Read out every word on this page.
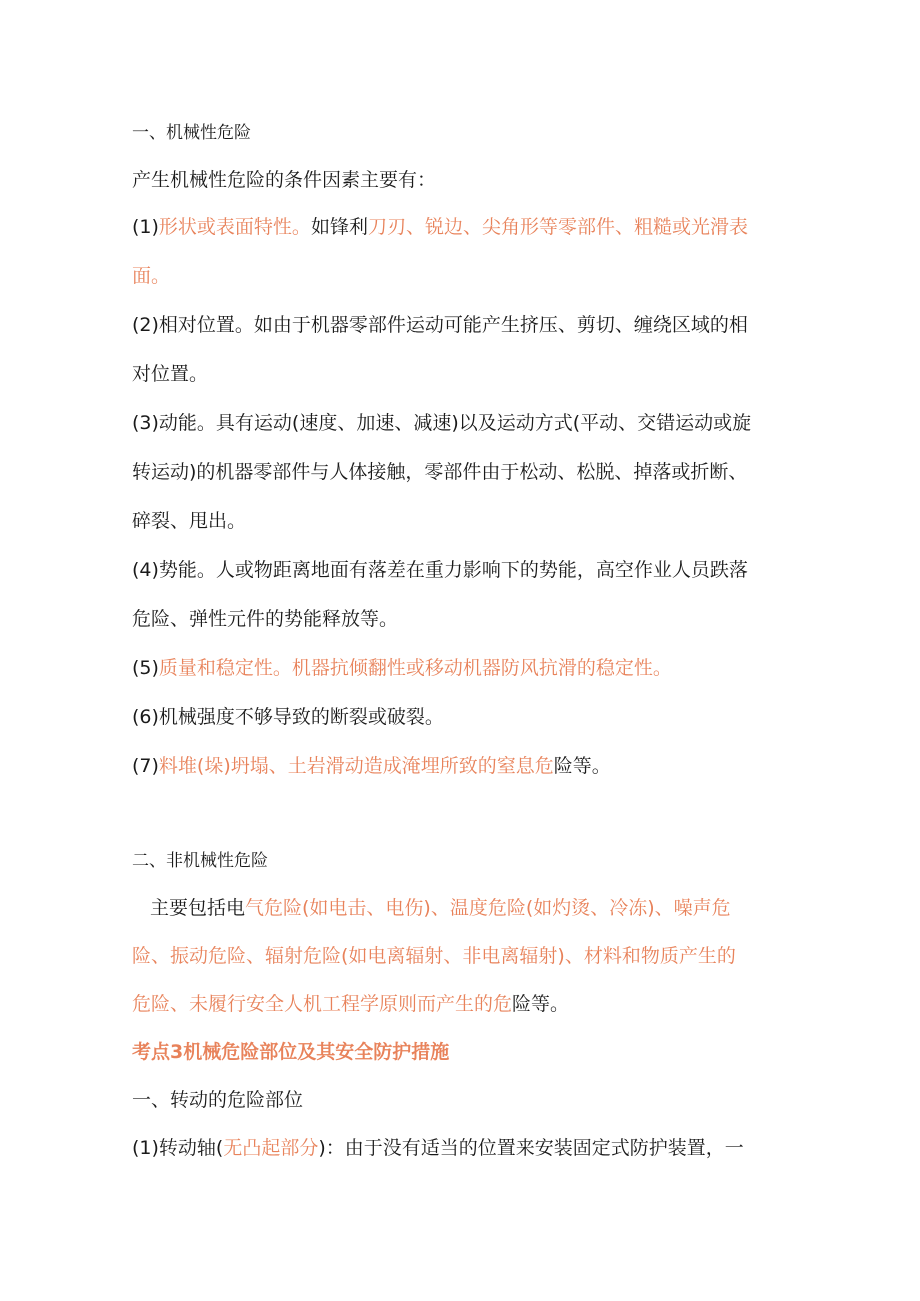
一、机械性危险
产生机械性危险的条件因素主要有：
(1)形状或表面特性。如锋利刀刃、锐边、尖角形等零部件、粗糙或光滑表
面。
(2)相对位置。如由于机器零部件运动可能产生挤压、剪切、缠绕区域的相
对位置。
(3)动能。具有运动(速度、加速、减速)以及运动方式(平动、交错运动或旋
转运动)的机器零部件与人体接触，零部件由于松动、松脱、掉落或折断、
碎裂、甩出。
(4)势能。人或物距离地面有落差在重力影响下的势能，高空作业人员跌落
危险、弹性元件的势能释放等。
(5)质量和稳定性。机器抗倾翻性或移动机器防风抗滑的稳定性。
(6)机械强度不够导致的断裂或破裂。
(7)料堆(垛)坍塌、土岩滑动造成淹埋所致的窒息危险等。
二、非机械性危险
主要包括电气危险(如电击、电伤)、温度危险(如灼烫、冷冻)、噪声危
险、振动危险、辐射危险(如电离辐射、非电离辐射)、材料和物质产生的
危险、未履行安全人机工程学原则而产生的危险等。
考点3机械危险部位及其安全防护措施
一、转动的危险部位
(1)转动轴(无凸起部分)：由于没有适当的位置来安装固定式防护装置，一
